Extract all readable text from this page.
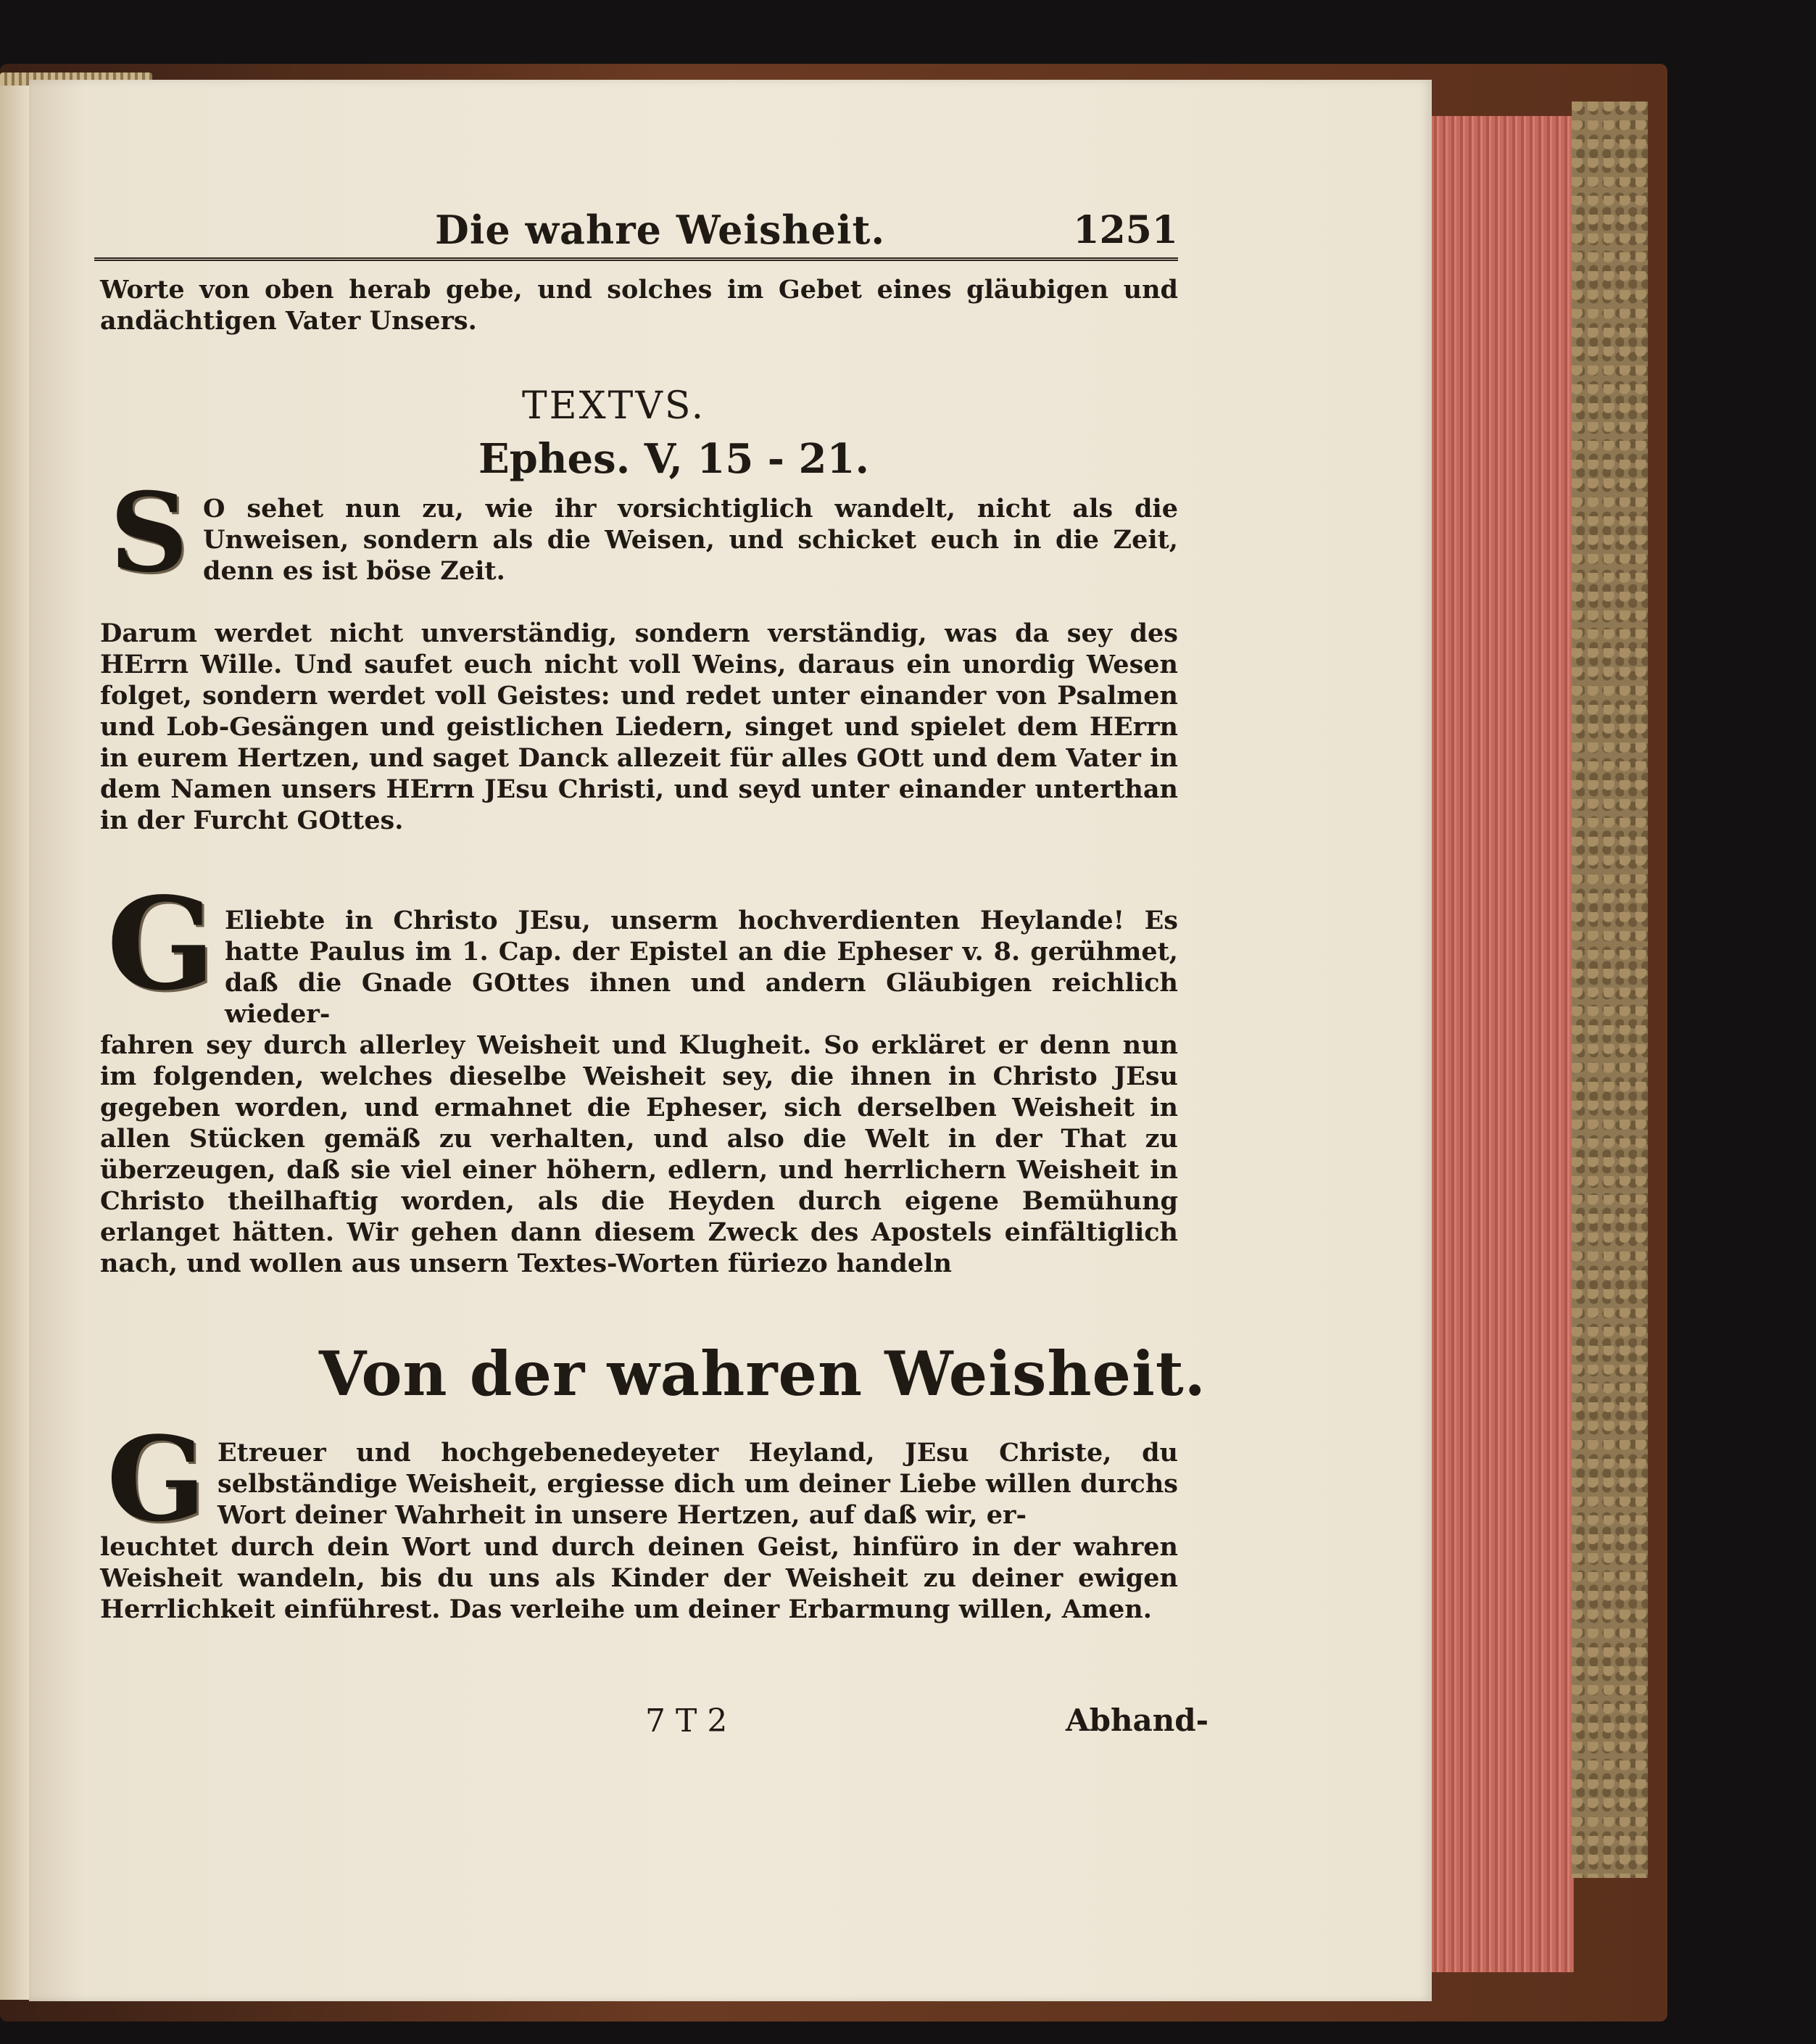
Die wahre Weisheit.	1251
Worte von oben herab gebe, und solches im Gebet eines gläubigen und andächtigen Vater Unsers.
TEXTVS.
Ephes. V, 15 - 21.
S O sehet nun zu, wie ihr vorsichtiglich wandelt, nicht als die Unweisen, sondern als die Weisen, und schicket euch in die Zeit, denn es ist böse Zeit.
Darum werdet nicht unverständig, sondern verständig, was da sey des HErrn Wille. Und saufet euch nicht voll Weins, daraus ein unordig Wesen folget, sondern werdet voll Geistes: und redet unter einander von Psalmen und Lob-Gesängen und geistlichen Liedern, singet und spielet dem HErrn in eurem Hertzen, und saget Danck allezeit für alles GOtt und dem Vater in dem Namen unsers HErrn JEsu Christi, und seyd unter einander unterthan in der Furcht GOttes.
G Eliebte in Christo JEsu, unserm hochverdienten Heylande! Es hatte Paulus im 1. Cap. der Epistel an die Epheser v. 8. gerühmet, daß die Gnade GOttes ihnen und andern Gläubigen reichlich wieder-
fahren sey durch allerley Weisheit und Klugheit. So erkläret er denn nun im folgenden, welches dieselbe Weisheit sey, die ihnen in Christo JEsu gegeben worden, und ermahnet die Epheser, sich derselben Weisheit in allen Stücken gemäß zu verhalten, und also die Welt in der That zu überzeugen, daß sie viel einer höhern, edlern, und herrlichern Weisheit in Christo theilhaftig worden, als die Heyden durch eigene Bemühung erlanget hätten. Wir gehen dann diesem Zweck des Apostels einfältiglich nach, und wollen aus unsern Textes-Worten füriezo handeln
Von der wahren Weisheit.
G Etreuer und hochgebenedeyeter Heyland, JEsu Christe, du selbständige Weisheit, ergiesse dich um deiner Liebe willen durchs Wort deiner Wahrheit in unsere Hertzen, auf daß wir, er-
leuchtet durch dein Wort und durch deinen Geist, hinfüro in der wahren Weisheit wandeln, bis du uns als Kinder der Weisheit zu deiner ewigen Herrlichkeit einführest. Das verleihe um deiner Erbarmung willen, Amen.
7 T 2	Abhand-
